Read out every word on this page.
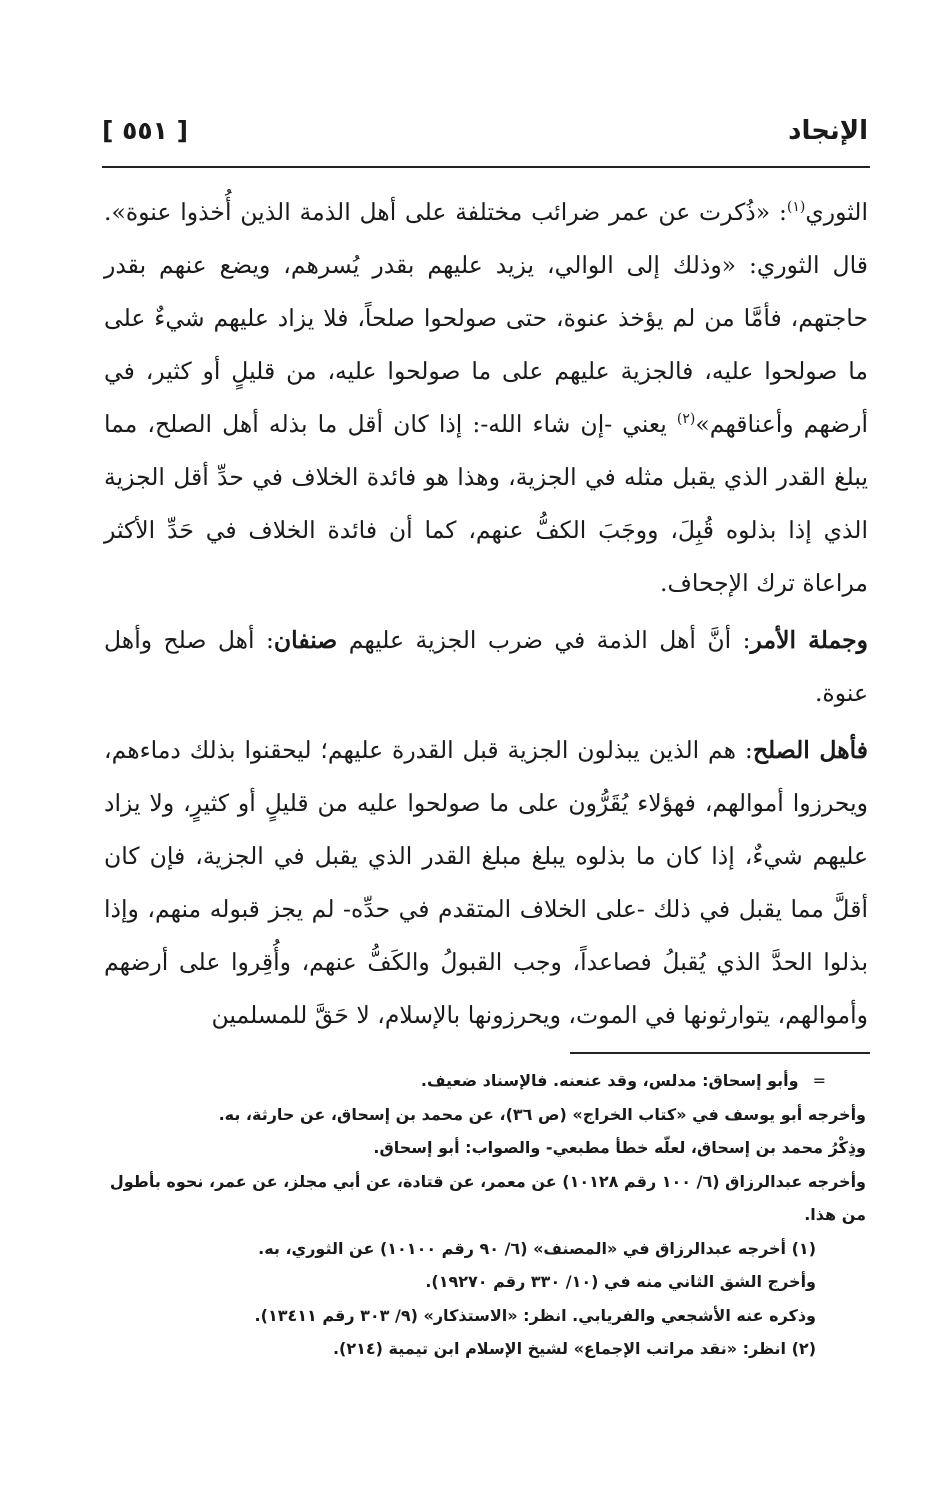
الإنجاد
[ ٥٥١ ]

الثوري$^{(١)}$: «ذُكرت عن عمر ضرائب مختلفة على أهل الذمة الذين أُخذوا عنوة». قال الثوري: «وذلك إلى الوالي، يزيد عليهم بقدر يُسرهم، ويضع عنهم بقدر حاجتهم، فأمَّا من لم يؤخذ عنوة، حتى صولحوا صلحاً، فلا يزاد عليهم شيءٌ على ما صولحوا عليه، فالجزية عليهم على ما صولحوا عليه، من قليلٍ أو كثير، في أرضهم وأعناقهم»$^{(٢)}$ يعني -إن شاء الله-: إذا كان أقل ما بذله أهل الصلح، مما يبلغ القدر الذي يقبل مثله في الجزية، وهذا هو فائدة الخلاف في حدِّ أقل الجزية الذي إذا بذلوه قُبِلَ، ووجَبَ الكفُّ عنهم، كما أن فائدة الخلاف في حَدِّ الأكثر مراعاة ترك الإجحاف.

وجملة الأمر: أنَّ أهل الذمة في ضرب الجزية عليهم صنفان: أهل صلح وأهل عنوة.

فأهل الصلح: هم الذين يبذلون الجزية قبل القدرة عليهم؛ ليحقنوا بذلك دماءهم، ويحرزوا أموالهم، فهؤلاء يُقَرُّون على ما صولحوا عليه من قليلٍ أو كثيرٍ، ولا يزاد عليهم شيءٌ، إذا كان ما بذلوه يبلغ مبلغ القدر الذي يقبل في الجزية، فإن كان أقلَّ مما يقبل في ذلك -على الخلاف المتقدم في حدِّه- لم يجز قبوله منهم، وإذا بذلوا الحدَّ الذي يُقبلُ فصاعداً، وجب القبولُ والكَفُّ عنهم، وأُقِروا على أرضهم وأموالهم، يتوارثونها في الموت، ويحرزونها بالإسلام، لا حَقَّ للمسلمين

=وأبو إسحاق: مدلس، وقد عنعنه. فالإسناد ضعيف.

وأخرجه أبو يوسف في «كتاب الخراج» (ص ٣٦)، عن محمد بن إسحاق، عن حارثة، به.

وذِكْرُ محمد بن إسحاق، لعلّه خطأ مطبعي- والصواب: أبو إسحاق.

وأخرجه عبدالرزاق (٦/ ١٠٠ رقم ١٠١٢٨) عن معمر، عن قتادة، عن أبي مجلز، عن عمر، نحوه بأطول من هذا.

(١) أخرجه عبدالرزاق في «المصنف» (٦/ ٩٠ رقم ١٠١٠٠) عن الثوري، به.

وأخرج الشق الثاني منه في (١٠/ ٣٣٠ رقم ١٩٢٧٠).

وذكره عنه الأشجعي والفريابي. انظر: «الاستذكار» (٩/ ٣٠٣ رقم ١٣٤١١).

(٢) انظر: «نقد مراتب الإجماع» لشيخ الإسلام ابن تيمية (٢١٤).
